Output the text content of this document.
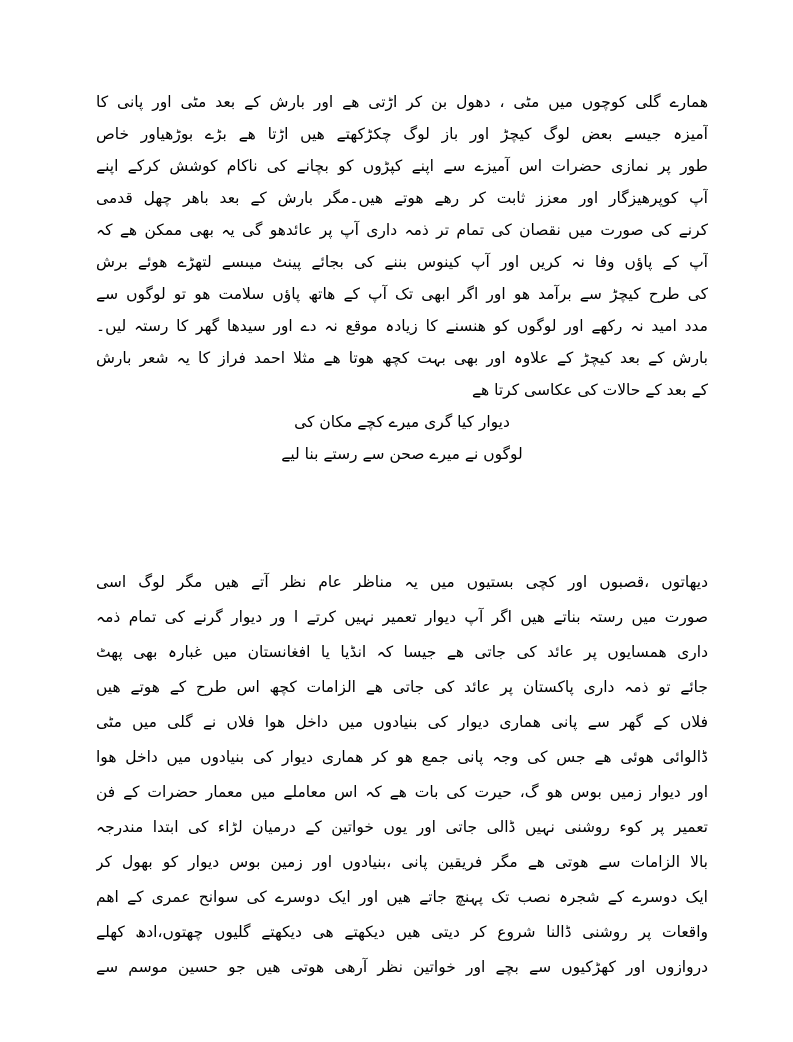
ھمارے گلی کوچوں میں مٹی ، دھول بن کر اڑتی ھے اور بارش کے بعد مٹی اور پانی کا
آمیزہ جیسے بعض لوگ کیچڑ اور باز لوگ چکڑکھتے ھیں اڑتا ھے بڑے بوڑھیاور خاص
طور پر نمازی حضرات اس آمیزے سے اپنے کپڑوں کو بچانے کی ناکام کوشش کرکے اپنے
آپ کوپرھیزگار اور معزز ثابت کر رھے ھوتے ھیں۔مگر بارش کے بعد باھر چھل قدمی
کرنے کی صورت میں نقصان کی تمام تر ذمہ داری آپ پر عائدھو گی یہ بھی ممکن ھے کہ
آپ کے پاؤں وفا نہ کریں اور آپ کینوس بننے کی بجائے پینٹ میںسے لتھڑے ھوئے برش
کی طرح کیچڑ سے برآمد ھو اور اگر ابھی تک آپ کے ھاتھ پاؤں سلامت ھو تو لوگوں سے
مدد امید نہ رکھے اور لوگوں کو ھنسنے کا زیادہ موقع نہ دے اور سیدھا گھر کا رستہ لیں۔
بارش کے بعد کیچڑ کے علاوہ اور بھی بہت کچھ ھوتا ھے مثلا احمد فراز کا یہ شعر بارش
کے بعد کے حالات کی عکاسی کرتا ھے
دیوار کیا گری میرے کچے مکان کی
لوگوں نے میرے صحن سے رستے بنا لیے
دیھاتوں ،قصبوں اور کچی بستیوں میں یہ مناظر عام نظر آتے ھیں مگر لوگ اسی
صورت میں رستہ بناتے ھیں اگر آپ دیوار تعمیر نہیں کرتے ا ور دیوار گرنے کی تمام ذمہ
داری ھمسایوں پر عائد کی جاتی ھے جیسا کہ انڈیا یا افغانستان میں غبارہ بھی پھٹ
جائے تو ذمہ داری پاکستان پر عائد کی جاتی ھے الزامات کچھ اس طرح کے ھوتے ھیں
فلاں کے گھر سے پانی ھماری دیوار کی بنیادوں میں داخل ھوا فلاں نے گلی میں مٹی
ڈالوائی ھوئی ھے جس کی وجہ پانی جمع ھو کر ھماری دیوار کی بنیادوں میں داخل ھوا
اور دیوار زمیں بوس ھو گ، حیرت کی بات ھے کہ اس معاملے میں معمار حضرات کے فن
تعمیر پر کوء روشنی نہیں ڈالی جاتی اور یوں خواتین کے درمیان لڑاء کی ابتدا مندرجہ
بالا الزامات سے ھوتی ھے مگر فریقین پانی ،بنیادوں اور زمین بوس دیوار کو بھول کر
ایک دوسرے کے شجرہ نصب تک پہنچ جاتے ھیں اور ایک دوسرے کی سوانح عمری کے اھم
واقعات پر روشنی ڈالنا شروع کر دیتی ھیں دیکھتے ھی دیکھتے گلیوں چھتوں،ادھ کھلے
دروازوں اور کھڑکیوں سے بچے اور خواتین نظر آرھی ھوتی ھیں جو حسین موسم سے
